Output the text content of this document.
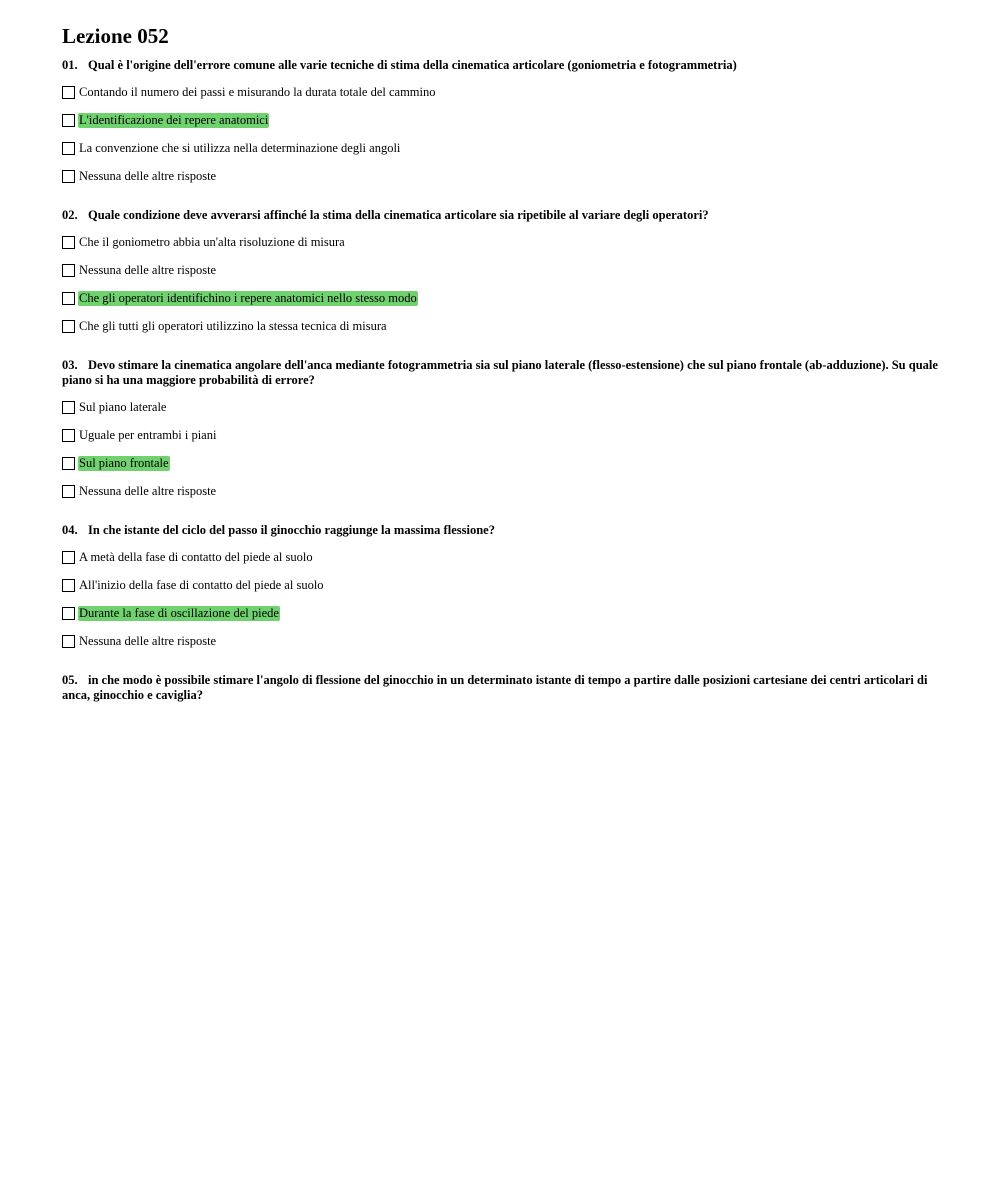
Lezione 052
01. Qual è l'origine dell'errore comune alle varie tecniche di stima della cinematica articolare (goniometria e fotogrammetria)
Contando il numero dei passi e misurando la durata totale del cammino
L'identificazione dei repere anatomici
La convenzione che si utilizza nella determinazione degli angoli
Nessuna delle altre risposte
02. Quale condizione deve avverarsi affinché la stima della cinematica articolare sia ripetibile al variare degli operatori?
Che il goniometro abbia un'alta risoluzione di misura
Nessuna delle altre risposte
Che gli operatori identifichino i repere anatomici nello stesso modo
Che gli tutti gli operatori utilizzino la stessa tecnica di misura
03. Devo stimare la cinematica angolare dell'anca mediante fotogrammetria sia sul piano laterale (flesso-estensione) che sul piano frontale (ab-adduzione). Su quale piano si ha una maggiore probabilità di errore?
Sul piano laterale
Uguale per entrambi i piani
Sul piano frontale
Nessuna delle altre risposte
04. In che istante del ciclo del passo il ginocchio raggiunge la massima flessione?
A metà della fase di contatto del piede al suolo
All'inizio della fase di contatto del piede al suolo
Durante la fase di oscillazione del piede
Nessuna delle altre risposte
05. in che modo è possibile stimare l'angolo di flessione del ginocchio in un determinato istante di tempo a partire dalle posizioni cartesiane dei centri articolari di anca, ginocchio e caviglia?
